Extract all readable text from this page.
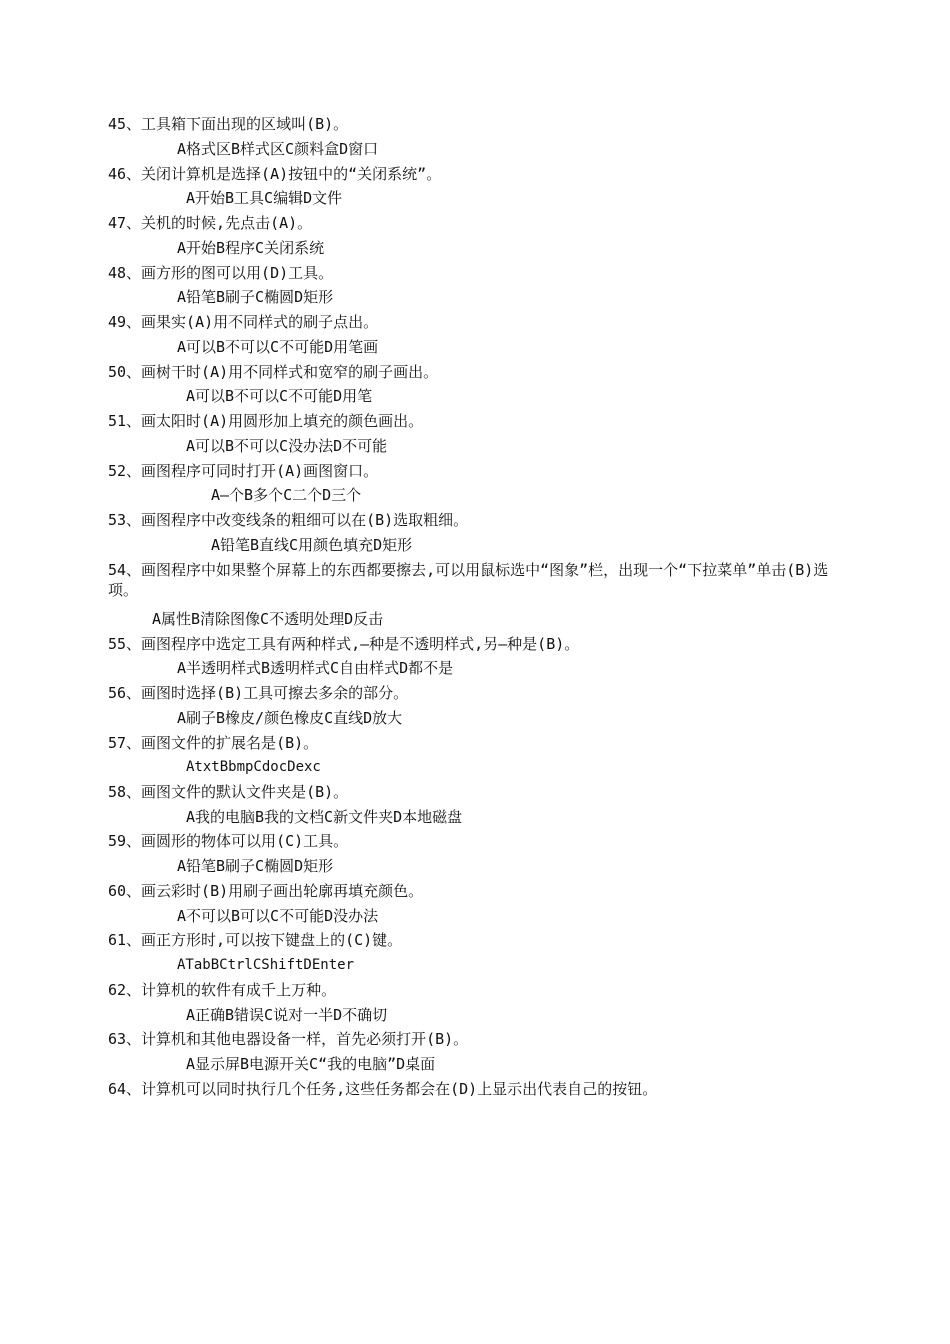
45、工具箱下面出现的区域叫(B)。
A格式区B样式区C颜料盒D窗口
46、关闭计算机是选择(A)按钮中的“关闭系统”。
A开始B工具C编辑D文件
47、关机的时候,先点击(A)。
A开始B程序C关闭系统
48、画方形的图可以用(D)工具。
A铅笔B刷子C椭圆D矩形
49、画果实(A)用不同样式的刷子点出。
A可以B不可以C不可能D用笔画
50、画树干时(A)用不同样式和宽窄的刷子画出。
A可以B不可以C不可能D用笔
51、画太阳时(A)用圆形加上填充的颜色画出。
A可以B不可以C没办法D不可能
52、画图程序可同时打开(A)画图窗口。
A—个B多个C二个D三个
53、画图程序中改变线条的粗细可以在(B)选取粗细。
A铅笔B直线C用颜色填充D矩形
54、画图程序中如果整个屏幕上的东西都要擦去,可以用鼠标选中“图象”栏，出现一个“下拉菜单”单击(B)选项。
A属性B清除图像C不透明处理D反击
55、画图程序中选定工具有两种样式,—种是不透明样式,另—种是(B)。
A半透明样式B透明样式C自由样式D都不是
56、画图时选择(B)工具可擦去多余的部分。
A刷子B橡皮/颜色橡皮C直线D放大
57、画图文件的扩展名是(B)。
AtxtBbmpCdocDexc
58、画图文件的默认文件夹是(B)。
A我的电脑B我的文档C新文件夹D本地磁盘
59、画圆形的物体可以用(C)工具。
A铅笔B刷子C椭圆D矩形
60、画云彩时(B)用刷子画出轮廓再填充颜色。
A不可以B可以C不可能D没办法
61、画正方形时,可以按下键盘上的(C)键。
ATabBCtrlCShiftDEnter
62、计算机的软件有成千上万种。
A正确B错误C说对一半D不确切
63、计算机和其他电器设备一样，首先必须打开(B)。
A显示屏B电源开关C“我的电脑”D桌面
64、计算机可以同时执行几个任务,这些任务都会在(D)上显示出代表自己的按钮。
